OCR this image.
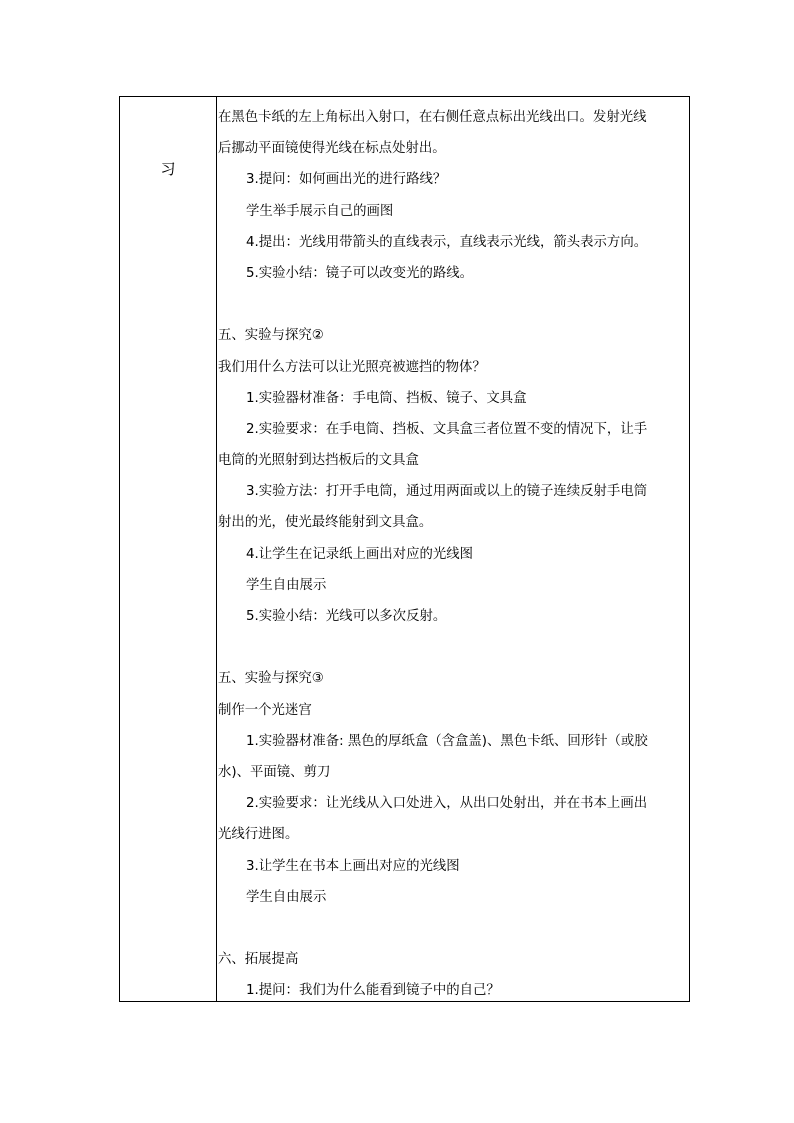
习
在黑色卡纸的左上角标出入射口，在右侧任意点标出光线出口。发射光线
后挪动平面镜使得光线在标点处射出。
3.提问：如何画出光的进行路线？
学生举手展示自己的画图
4.提出：光线用带箭头的直线表示，直线表示光线，箭头表示方向。
5.实验小结：镜子可以改变光的路线。
五、实验与探究②
我们用什么方法可以让光照亮被遮挡的物体？
1.实验器材准备：手电筒、挡板、镜子、文具盒
2.实验要求：在手电筒、挡板、文具盒三者位置不变的情况下，让手
电筒的光照射到达挡板后的文具盒
3.实验方法：打开手电筒，通过用两面或以上的镜子连续反射手电筒
射出的光，使光最终能射到文具盒。
4.让学生在记录纸上画出对应的光线图
学生自由展示
5.实验小结：光线可以多次反射。
五、实验与探究③
制作一个光迷宫
1.实验器材准备: 黑色的厚纸盒（含盒盖)、黑色卡纸、回形针（或胶
水)、平面镜、剪刀
2.实验要求：让光线从入口处进入，从出口处射出，并在书本上画出
光线行进图。
3.让学生在书本上画出对应的光线图
学生自由展示
六、拓展提高
1.提问：我们为什么能看到镜子中的自己？
